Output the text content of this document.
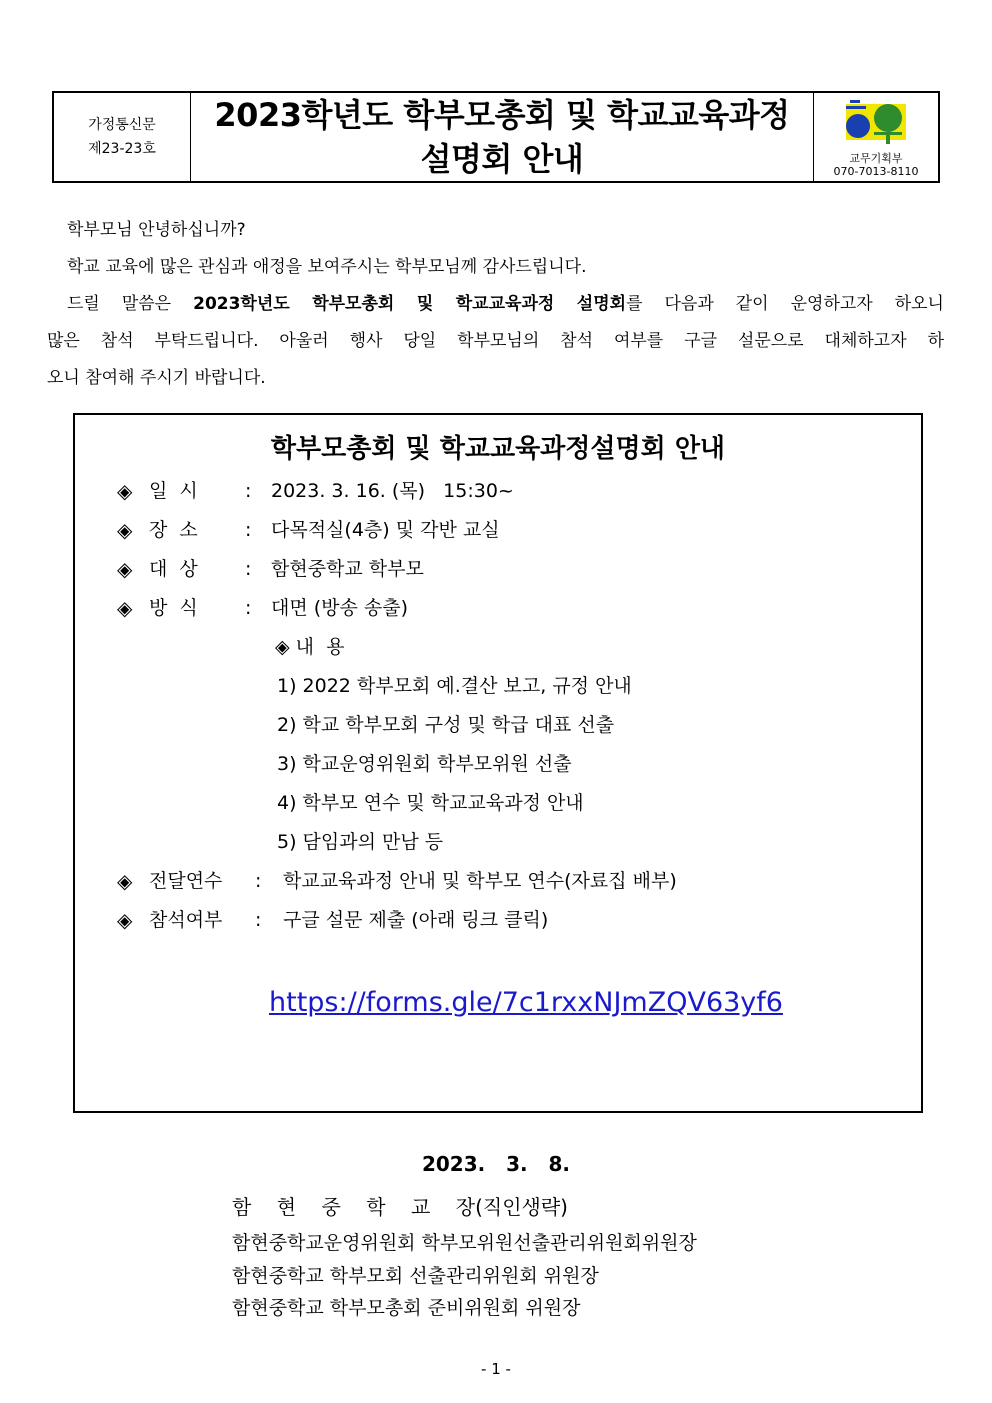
가정통신문
제23-23호
2023학년도 학부모총회 및 학교교육과정
설명회 안내	교무기획부
070-7013-8110

학부모님 안녕하십니까?

학교 교육에 많은 관심과 애정을 보여주시는 학부모님께 감사드립니다.

드릴 말씀은 2023학년도 학부모총회 및 학교교육과정 설명회를 다음과 같이 운영하고자 하오니

많은 참석 부탁드립니다. 아울러 행사 당일 학부모님의 참석 여부를 구글 설문으로 대체하고자 하

오니 참여해 주시기 바랍니다.

학부모총회 및 학교교육과정설명회 안내
◈ 일  시 : 2023. 3. 16. (목)   15:30~
◈ 장  소 : 다목적실(4층) 및 각반 교실
◈ 대  상 : 함현중학교 학부모
◈ 방  식 : 대면 (방송 송출)
◈ 내  용
1) 2022 학부모회 예.결산 보고, 규정 안내
2) 학교 학부모회 구성 및 학급 대표 선출
3) 학교운영위원회 학부모위원 선출
4) 학부모 연수 및 학교교육과정 안내
5) 담임과의 만남 등
◈ 전달연수 : 학교교육과정 안내 및 학부모 연수(자료집 배부)
◈ 참석여부 : 구글 설문 제출 (아래 링크 클릭)
https://forms.gle/7c1rxxNJmZQV63yf6
2023.   3.   8.
함    현    중    학    교    장(직인생략)
함현중학교운영위원회 학부모위원선출관리위원회위원장
함현중학교 학부모회 선출관리위원회 위원장
함현중학교 학부모총회 준비위원회 위원장
- 1 -
